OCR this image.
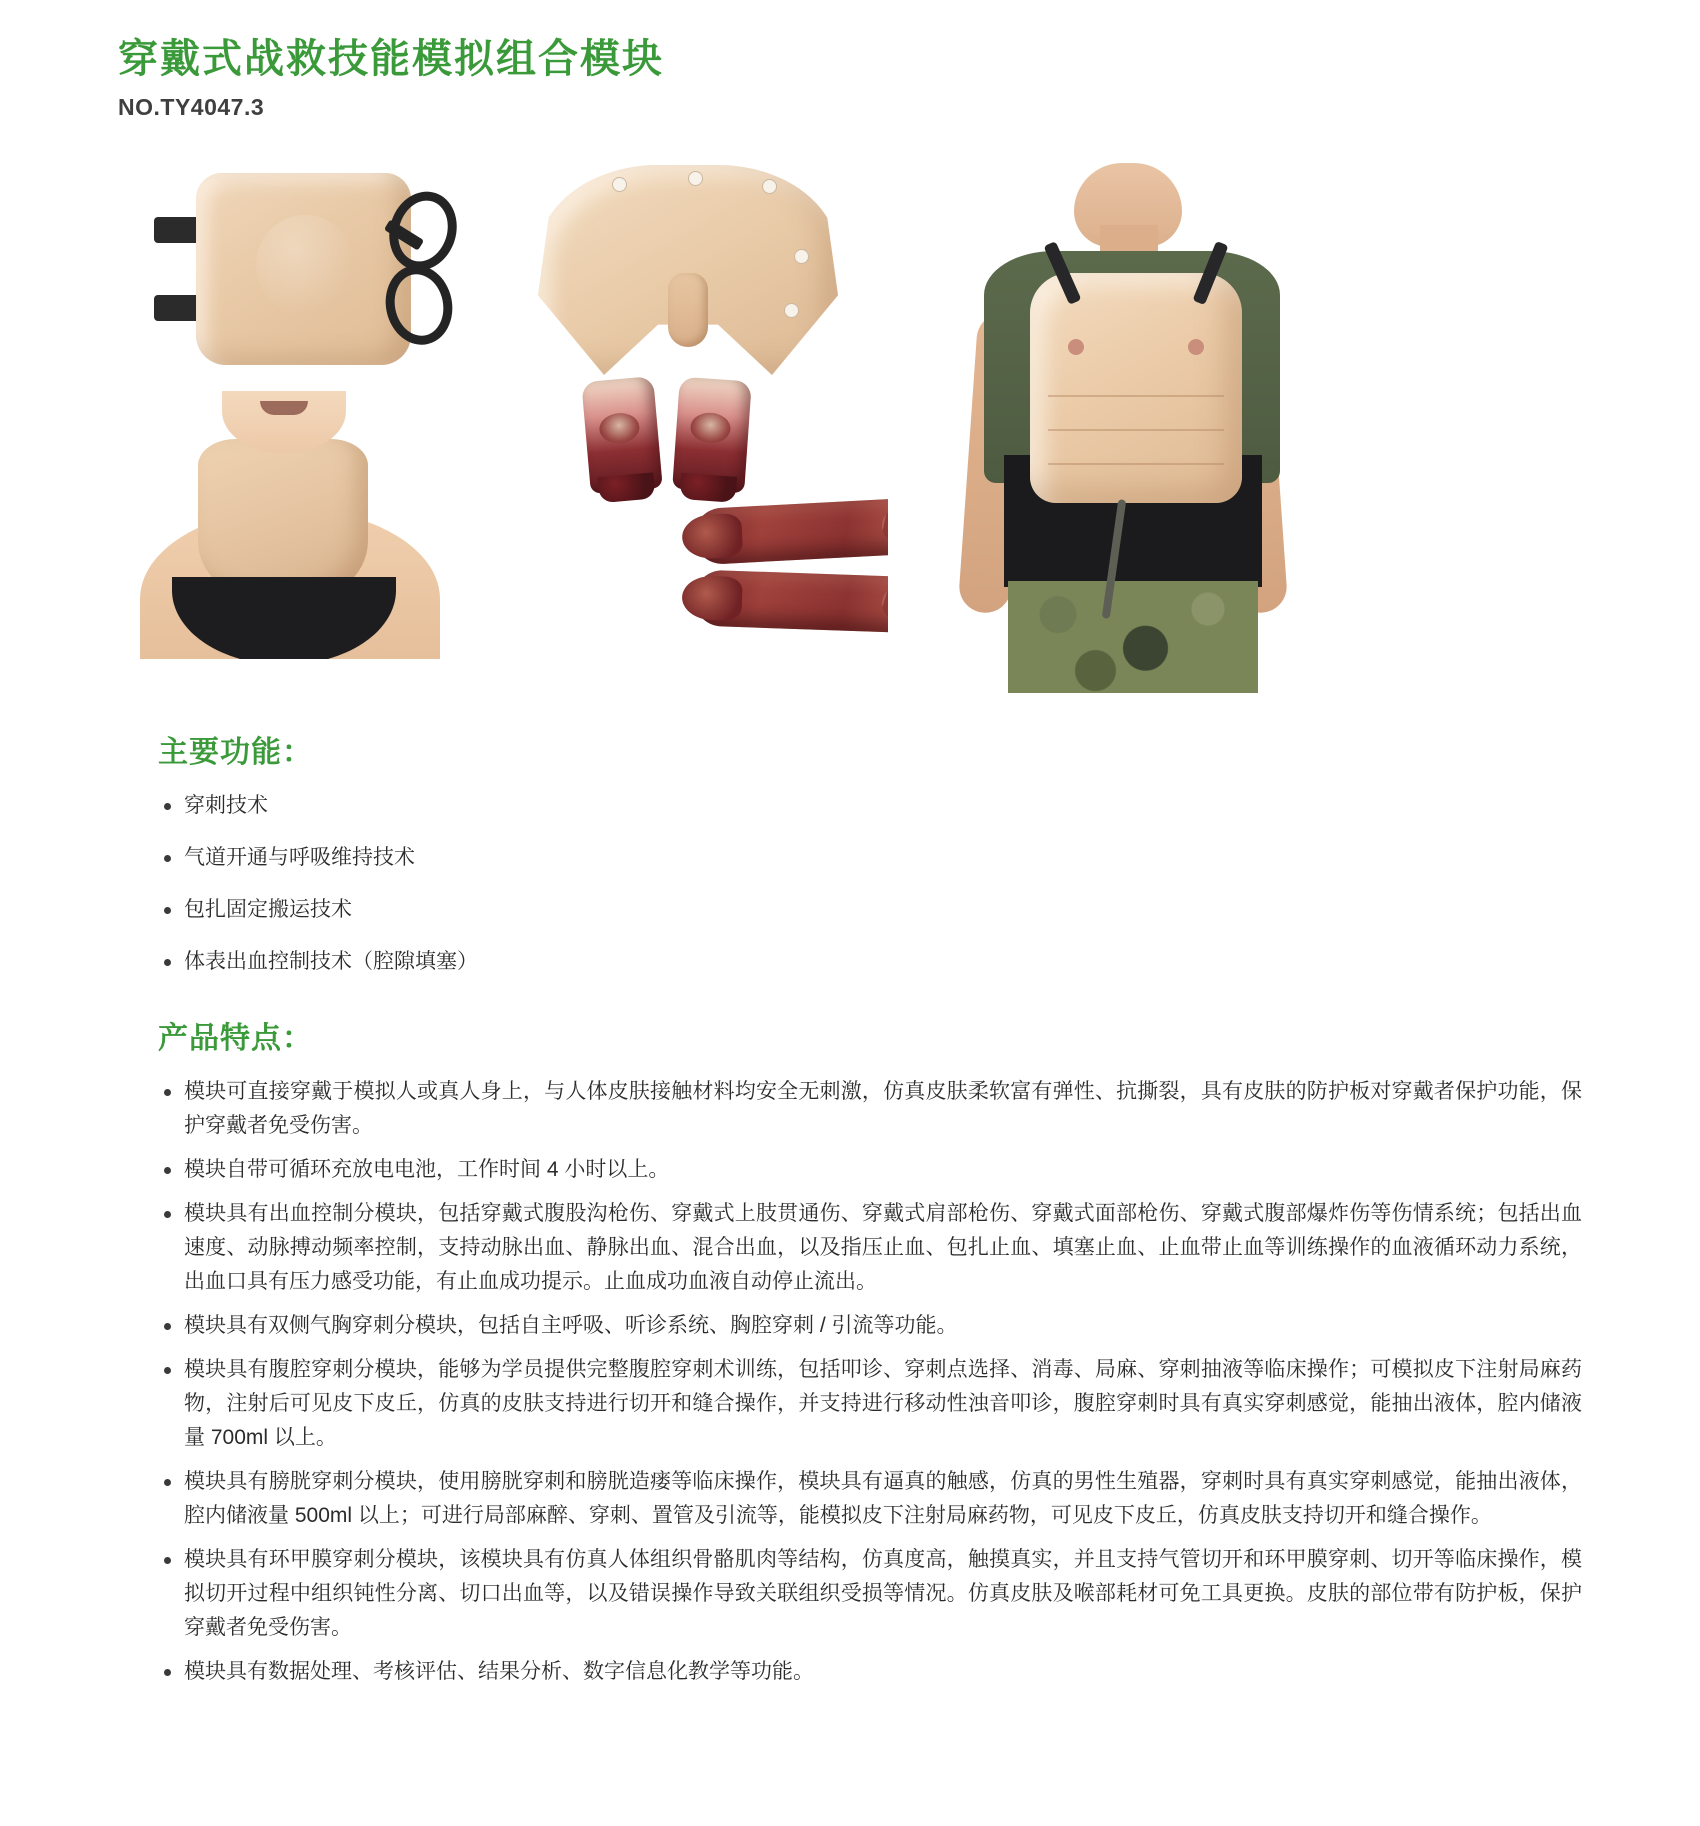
穿戴式战救技能模拟组合模块
NO.TY4047.3
主要功能：
穿刺技术
气道开通与呼吸维持技术
包扎固定搬运技术
体表出血控制技术（腔隙填塞）
产品特点：
模块可直接穿戴于模拟人或真人身上，与人体皮肤接触材料均安全无刺激，仿真皮肤柔软富有弹性、抗撕裂，具有皮肤的防护板对穿戴者保护功能，保护穿戴者免受伤害。
模块自带可循环充放电电池，工作时间 4 小时以上。
模块具有出血控制分模块，包括穿戴式腹股沟枪伤、穿戴式上肢贯通伤、穿戴式肩部枪伤、穿戴式面部枪伤、穿戴式腹部爆炸伤等伤情系统；包括出血速度、动脉搏动频率控制，支持动脉出血、静脉出血、混合出血，以及指压止血、包扎止血、填塞止血、止血带止血等训练操作的血液循环动力系统，出血口具有压力感受功能，有止血成功提示。止血成功血液自动停止流出。
模块具有双侧气胸穿刺分模块，包括自主呼吸、听诊系统、胸腔穿刺 / 引流等功能。
模块具有腹腔穿刺分模块，能够为学员提供完整腹腔穿刺术训练，包括叩诊、穿刺点选择、消毒、局麻、穿刺抽液等临床操作；可模拟皮下注射局麻药物，注射后可见皮下皮丘，仿真的皮肤支持进行切开和缝合操作，并支持进行移动性浊音叩诊，腹腔穿刺时具有真实穿刺感觉，能抽出液体，腔内储液量 700ml 以上。
模块具有膀胱穿刺分模块，使用膀胱穿刺和膀胱造瘘等临床操作，模块具有逼真的触感，仿真的男性生殖器，穿刺时具有真实穿刺感觉，能抽出液体，腔内储液量 500ml 以上；可进行局部麻醉、穿刺、置管及引流等，能模拟皮下注射局麻药物，可见皮下皮丘，仿真皮肤支持切开和缝合操作。
模块具有环甲膜穿刺分模块，该模块具有仿真人体组织骨骼肌肉等结构，仿真度高，触摸真实，并且支持气管切开和环甲膜穿刺、切开等临床操作，模拟切开过程中组织钝性分离、切口出血等，以及错误操作导致关联组织受损等情况。仿真皮肤及喉部耗材可免工具更换。皮肤的部位带有防护板，保护穿戴者免受伤害。
模块具有数据处理、考核评估、结果分析、数字信息化教学等功能。
